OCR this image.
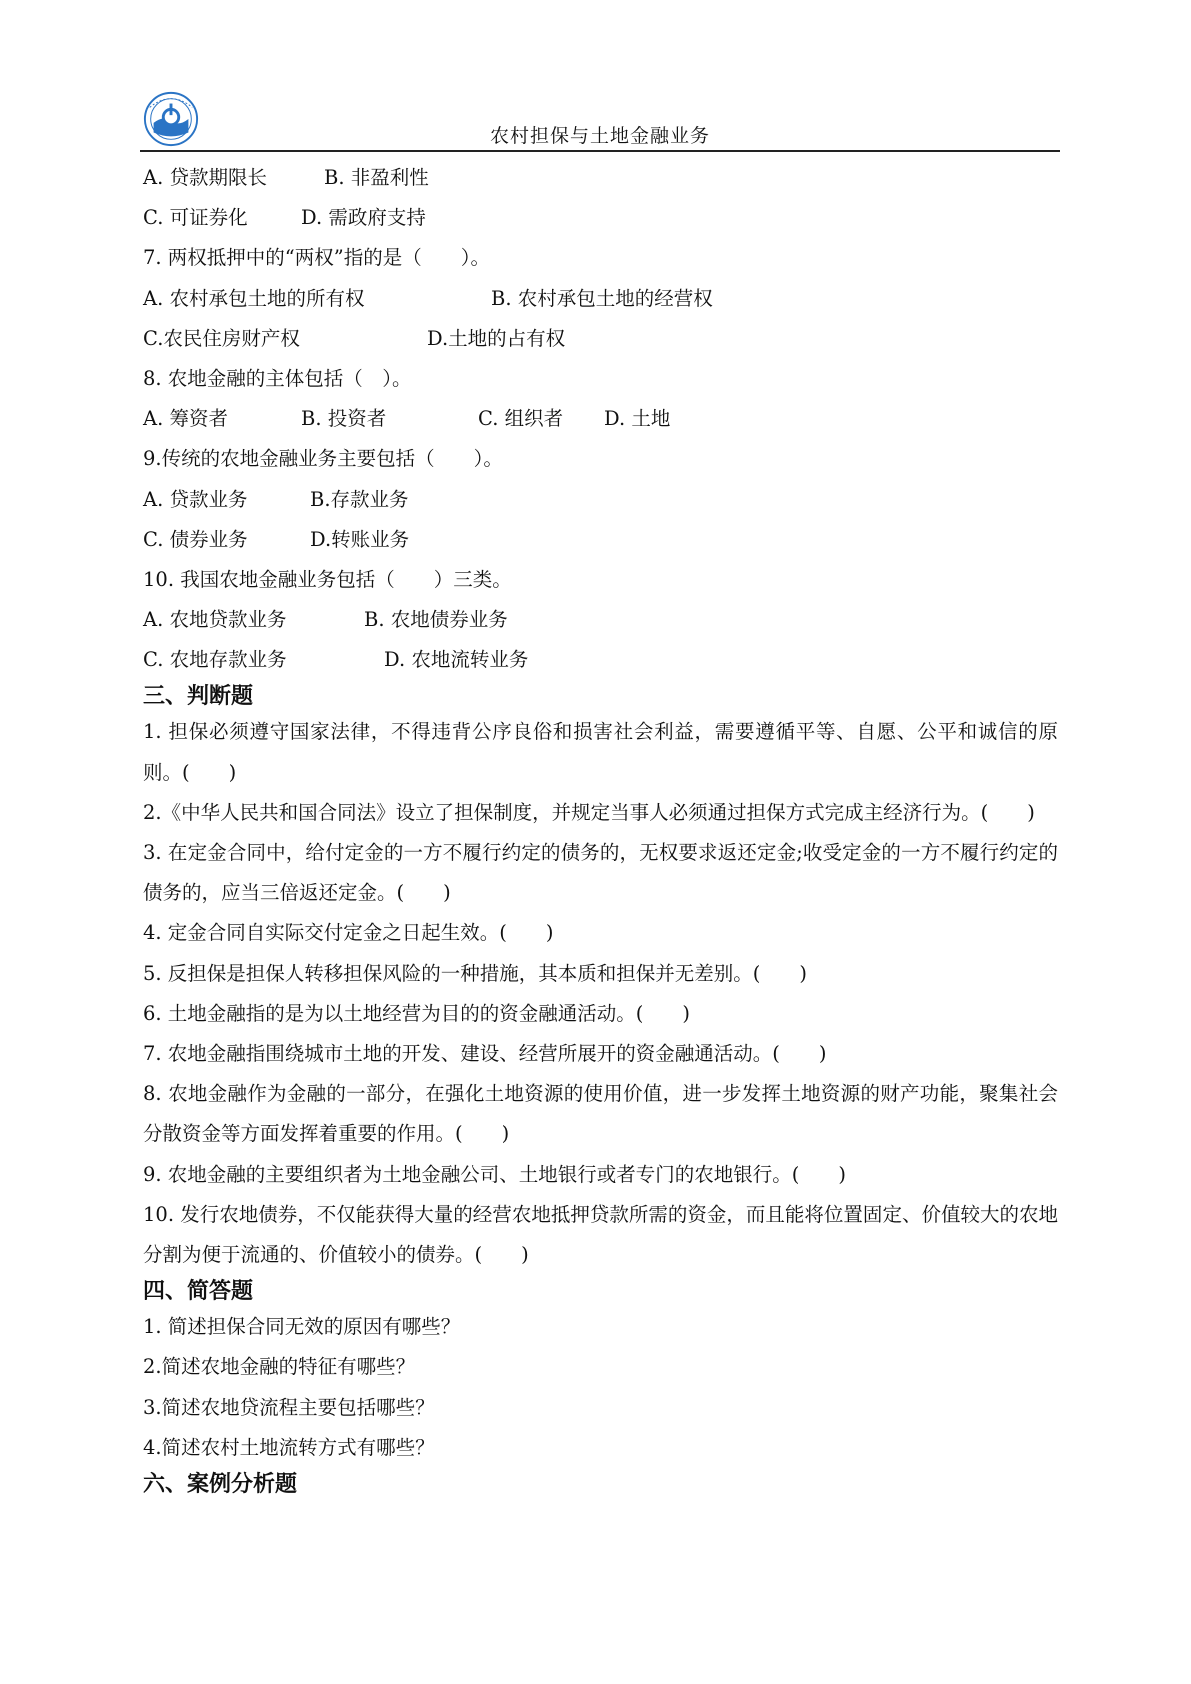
农村担保与土地金融业务
A. 贷款期限长	B. 非盈利性
C. 可证券化	D. 需政府支持
7. 两权抵押中的“两权”指的是（　　）。
A. 农村承包土地的所有权	B. 农村承包土地的经营权
C.农民住房财产权	D.土地的占有权
8. 农地金融的主体包括（　）。
A. 筹资者	B. 投资者	C. 组织者 D. 土地
9.传统的农地金融业务主要包括（　　）。
A. 贷款业务	B.存款业务
C. 债券业务	D.转账业务
10. 我国农地金融业务包括（　　）三类。
A. 农地贷款业务	B. 农地债券业务
C. 农地存款业务	D. 农地流转业务
三、判断题
1. 担保必须遵守国家法律，不得违背公序良俗和损害社会利益，需要遵循平等、自愿、公平和诚信的原则。(　　)
2.《中华人民共和国合同法》设立了担保制度，并规定当事人必须通过担保方式完成主经济行为。(　　)
3. 在定金合同中，给付定金的一方不履行约定的债务的，无权要求返还定金;收受定金的一方不履行约定的债务的，应当三倍返还定金。(　　)
4. 定金合同自实际交付定金之日起生效。(　　)
5. 反担保是担保人转移担保风险的一种措施，其本质和担保并无差别。(　　)
6. 土地金融指的是为以土地经营为目的的资金融通活动。(　　)
7. 农地金融指围绕城市土地的开发、建设、经营所展开的资金融通活动。(　　)
8. 农地金融作为金融的一部分，在强化土地资源的使用价值，进一步发挥土地资源的财产功能，聚集社会分散资金等方面发挥着重要的作用。(　　)
9. 农地金融的主要组织者为土地金融公司、土地银行或者专门的农地银行。(　　)
10. 发行农地债券，不仅能获得大量的经营农地抵押贷款所需的资金，而且能将位置固定、价值较大的农地分割为便于流通的、价值较小的债券。(　　)
四、简答题
1. 简述担保合同无效的原因有哪些？
2.简述农地金融的特征有哪些？
3.简述农地贷流程主要包括哪些？
4.简述农村土地流转方式有哪些？
六、案例分析题
